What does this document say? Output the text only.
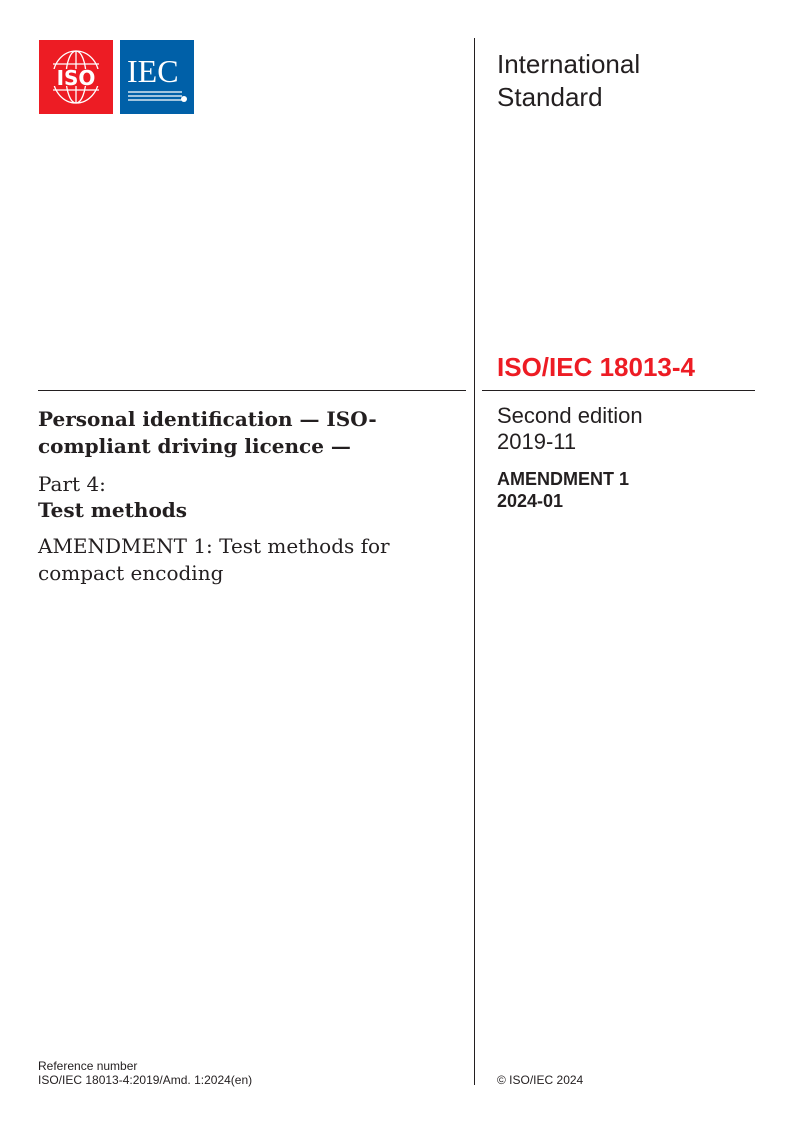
ISO IEC	International
Standard
ISO/IEC 18013-4
Personal identification — ISO-
compliant driving licence —
Part 4:
Test methods
AMENDMENT 1: Test methods for
compact encoding
Second edition
2019-11
AMENDMENT 1
2024-01
Reference number
ISO/IEC 18013-4:2019/Amd. 1:2024(en)	© ISO/IEC 2024
